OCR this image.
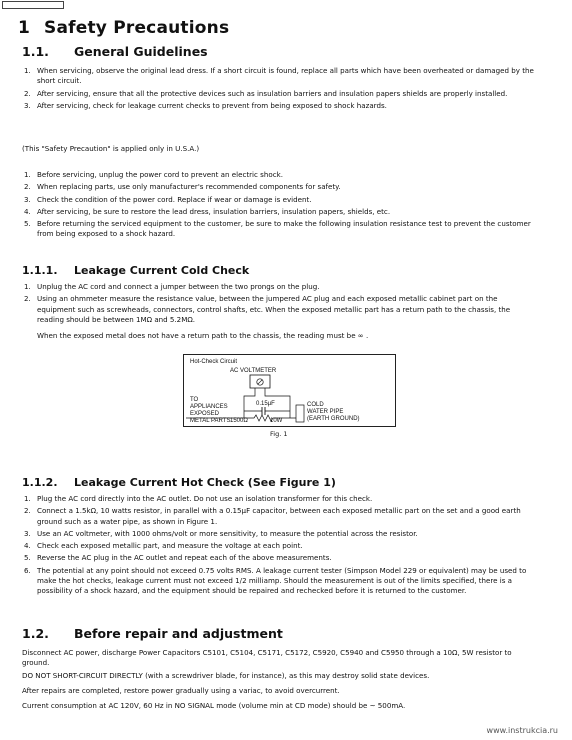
1 Safety Precautions
1.1. General Guidelines
1. When servicing, observe the original lead dress. If a short circuit is found, replace all parts which have been overheated or damaged by the short circuit.
2. After servicing, ensure that all the protective devices such as insulation barriers and insulation papers shields are properly installed.
3. After servicing, check for leakage current checks to prevent from being exposed to shock hazards.

(This "Safety Precaution" is applied only in U.S.A.)

1. Before servicing, unplug the power cord to prevent an electric shock.
2. When replacing parts, use only manufacturer's recommended components for safety.
3. Check the condition of the power cord. Replace if wear or damage is evident.
4. After servicing, be sure to restore the lead dress, insulation barriers, insulation papers, shields, etc.
5. Before returning the serviced equipment to the customer, be sure to make the following insulation resistance test to prevent the customer from being exposed to a shock hazard.
1.1.1. Leakage Current Cold Check
1. Unplug the AC cord and connect a jumper between the two prongs on the plug.
2. Using an ohmmeter measure the resistance value, between the jumpered AC plug and each exposed metallic cabinet part on the equipment such as screwheads, connectors, control shafts, etc. When the exposed metallic part has a return path to the chassis, the reading should be between 1MΩ and 5.2MΩ.

When the exposed metal does not have a return path to the chassis, the reading must be ∞ .

Hot-Check Circuit
AC VOLTMETER
0.15µF
TO
APPLIANCES
EXPOSED
METAL PARTS 1500Ω	10W
COLD
WATER PIPE
(EARTH GROUND)
Fig. 1
1.1.2. Leakage Current Hot Check (See Figure 1)
1. Plug the AC cord directly into the AC outlet. Do not use an isolation transformer for this check.
2. Connect a 1.5kΩ, 10 watts resistor, in parallel with a 0.15µF capacitor, between each exposed metallic part on the set and a good earth ground such as a water pipe, as shown in Figure 1.
3. Use an AC voltmeter, with 1000 ohms/volt or more sensitivity, to measure the potential across the resistor.
4. Check each exposed metallic part, and measure the voltage at each point.
5. Reverse the AC plug in the AC outlet and repeat each of the above measurements.
6. The potential at any point should not exceed 0.75 volts RMS. A leakage current tester (Simpson Model 229 or equivalent) may be used to make the hot checks, leakage current must not exceed 1/2 milliamp. Should the measurement is out of the limits specified, there is a possibility of a shock hazard, and the equipment should be repaired and rechecked before it is returned to the customer.
1.2. Before repair and adjustment

Disconnect AC power, discharge Power Capacitors C5101, C5104, C5171, C5172, C5920, C5940 and C5950 through a 10Ω, 5W resistor to ground.

DO NOT SHORT-CIRCUIT DIRECTLY (with a screwdriver blade, for instance), as this may destroy solid state devices.

After repairs are completed, restore power gradually using a variac, to avoid overcurrent.

Current consumption at AC 120V, 60 Hz in NO SIGNAL mode (volume min at CD mode) should be ~ 500mA.

www.instrukcia.ru
